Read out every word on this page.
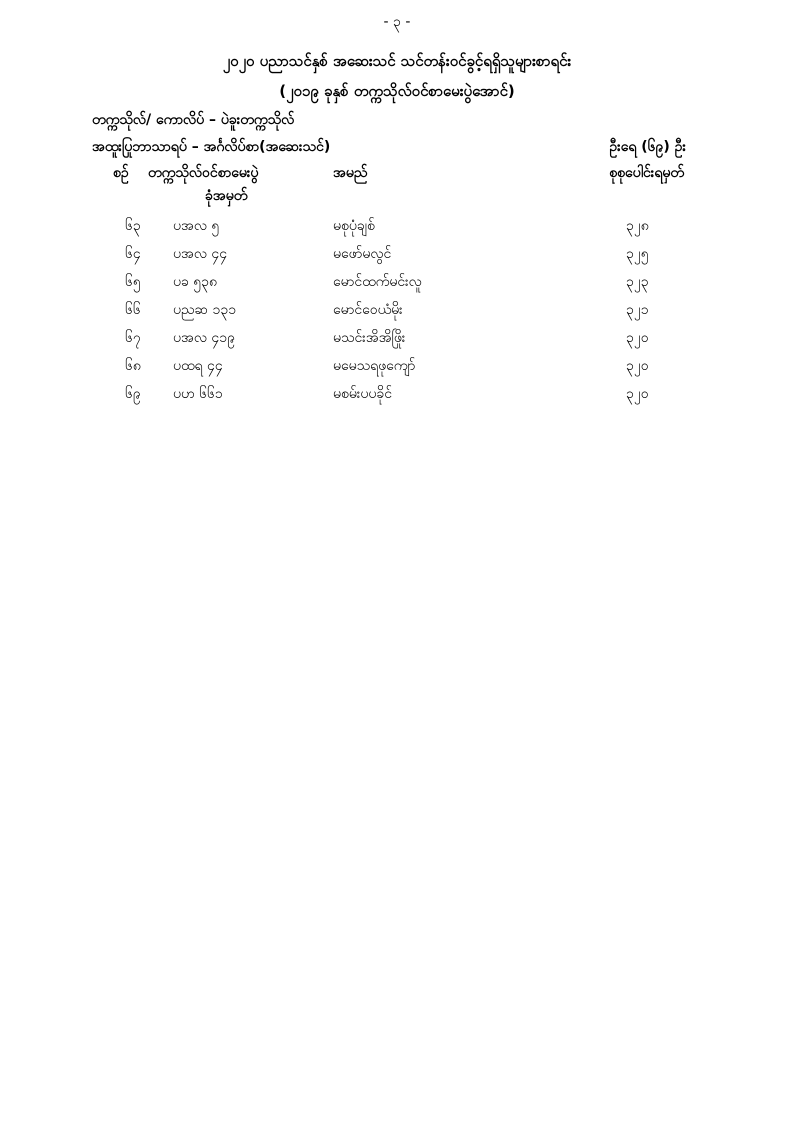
- ၃ -
၂၀၂၀ ပညာသင်နှစ် အဆေးသင် သင်တန်းဝင်ခွင့်ရရှိသူများစာရင်း
(၂၀၁၉ ခုနှစ် တက္ကသိုလ်ဝင်စာမေးပွဲအောင်)
တက္ကသိုလ်/ ကောလိပ် – ပဲခူးတက္ကသိုလ်
အထူးပြုဘာသာရပ် – အင်္ဂလိပ်စာ(အဆေးသင်)	ဦးရေ (၆၉) ဦး
စဉ် တက္ကသိုလ်ဝင်စာမေးပွဲ
ခုံအမှတ်
အမည်	စုစုပေါင်းရမှတ်
၆၃ ပအလ ၅	မစုပုံချစ်	၃၂၈
၆၄ ပအလ ၄၄	မဖော်မလွင်	၃၂၅
၆၅ ပခ ၅၃၈	မောင်ထက်မင်းလူ	၃၂၃
၆၆ ပညဆ ၁၃၁	မောင်ဝေယံမိုး	၃၂၁
၆၇ ပအလ ၄၁၉	မသင်းအိအိဖြိုး	၃၂၀
၆၈ ပထရ ၄၄	မမေသရဖုကျော်	၃၂၀
၆၉ ပဟ ၆၆၁	မစမ်းပပခိုင်	၃၂၀
